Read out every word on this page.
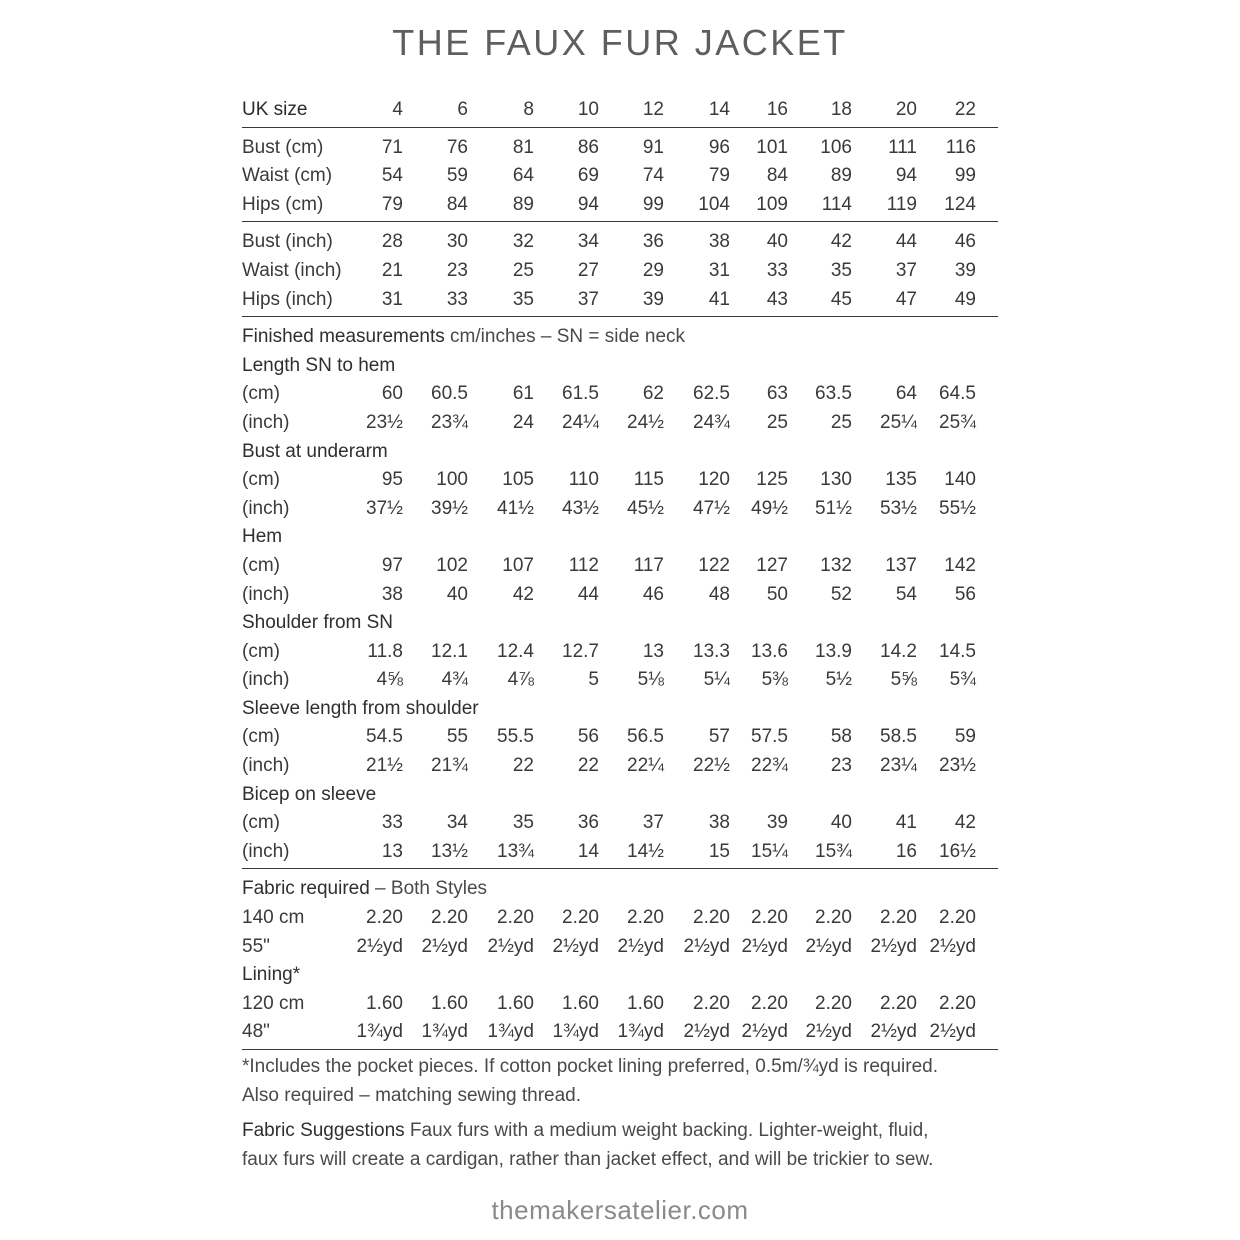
THE FAUX FUR JACKET
UK size	4	6	8 10 12 14 16 18 20 22
Bust (cm)	71 76 81 86 91 96 101 106 111 116
Waist (cm)	54 59 64 69 74 79 84 89 94 99
Hips (cm)	79 84 89 94 99 104 109 114 119 124
Bust (inch)	28 30 32 34 36 38 40 42 44 46
Waist (inch) 21 23 25 27 29 31 33 35 37 39
Hips (inch)	31 33 35 37 39 41 43 45 47 49
Finished measurements cm/inches – SN = side neck
Length SN to hem
(cm)	60 60.5 61 61.5 62 62.5 63 63.5 64 64.5
(inch)	23½ 23¾ 24 24¼ 24½ 24¾ 25 25 25¼ 25¾
Bust at underarm
(cm)	95 100 105 110 115 120 125 130 135 140
(inch)	37½ 39½ 41½ 43½ 45½ 47½ 49½ 51½ 53½ 55½
Hem
(cm)	97 102 107 112 117 122 127 132 137 142
(inch)	38 40 42 44 46 48 50 52 54 56
Shoulder from SN
(cm)	11.8 12.1 12.4 12.7 13 13.3 13.6 13.9 14.2 14.5
(inch)	4⅝ 4¾ 4⅞	5 5⅛ 5¼ 5⅜ 5½ 5⅝ 5¾
Sleeve length from shoulder
(cm)	54.5 55 55.5 56 56.5 57 57.5 58 58.5 59
(inch)	21½ 21¾ 22 22 22¼ 22½ 22¾ 23 23¼ 23½
Bicep on sleeve
(cm)	33 34 35 36 37 38 39 40 41 42
(inch)	13 13½ 13¾ 14 14½ 15 15¼ 15¾ 16 16½
Fabric required – Both Styles
140 cm	2.20 2.20 2.20 2.20 2.20 2.20 2.20 2.20 2.20 2.20
55"	2½yd 2½yd 2½yd 2½yd 2½yd 2½yd 2½yd 2½yd 2½yd 2½yd
Lining*
120 cm	1.60 1.60 1.60 1.60 1.60 2.20 2.20 2.20 2.20 2.20
48"	1¾yd 1¾yd 1¾yd 1¾yd 1¾yd 2½yd 2½yd 2½yd 2½yd 2½yd

*Includes the pocket pieces. If cotton pocket lining preferred, 0.5m/¾yd is required.

Also required – matching sewing thread.

Fabric Suggestions Faux furs with a medium weight backing. Lighter-weight, fluid,

faux furs will create a cardigan, rather than jacket effect, and will be trickier to sew.

themakersatelier.com
